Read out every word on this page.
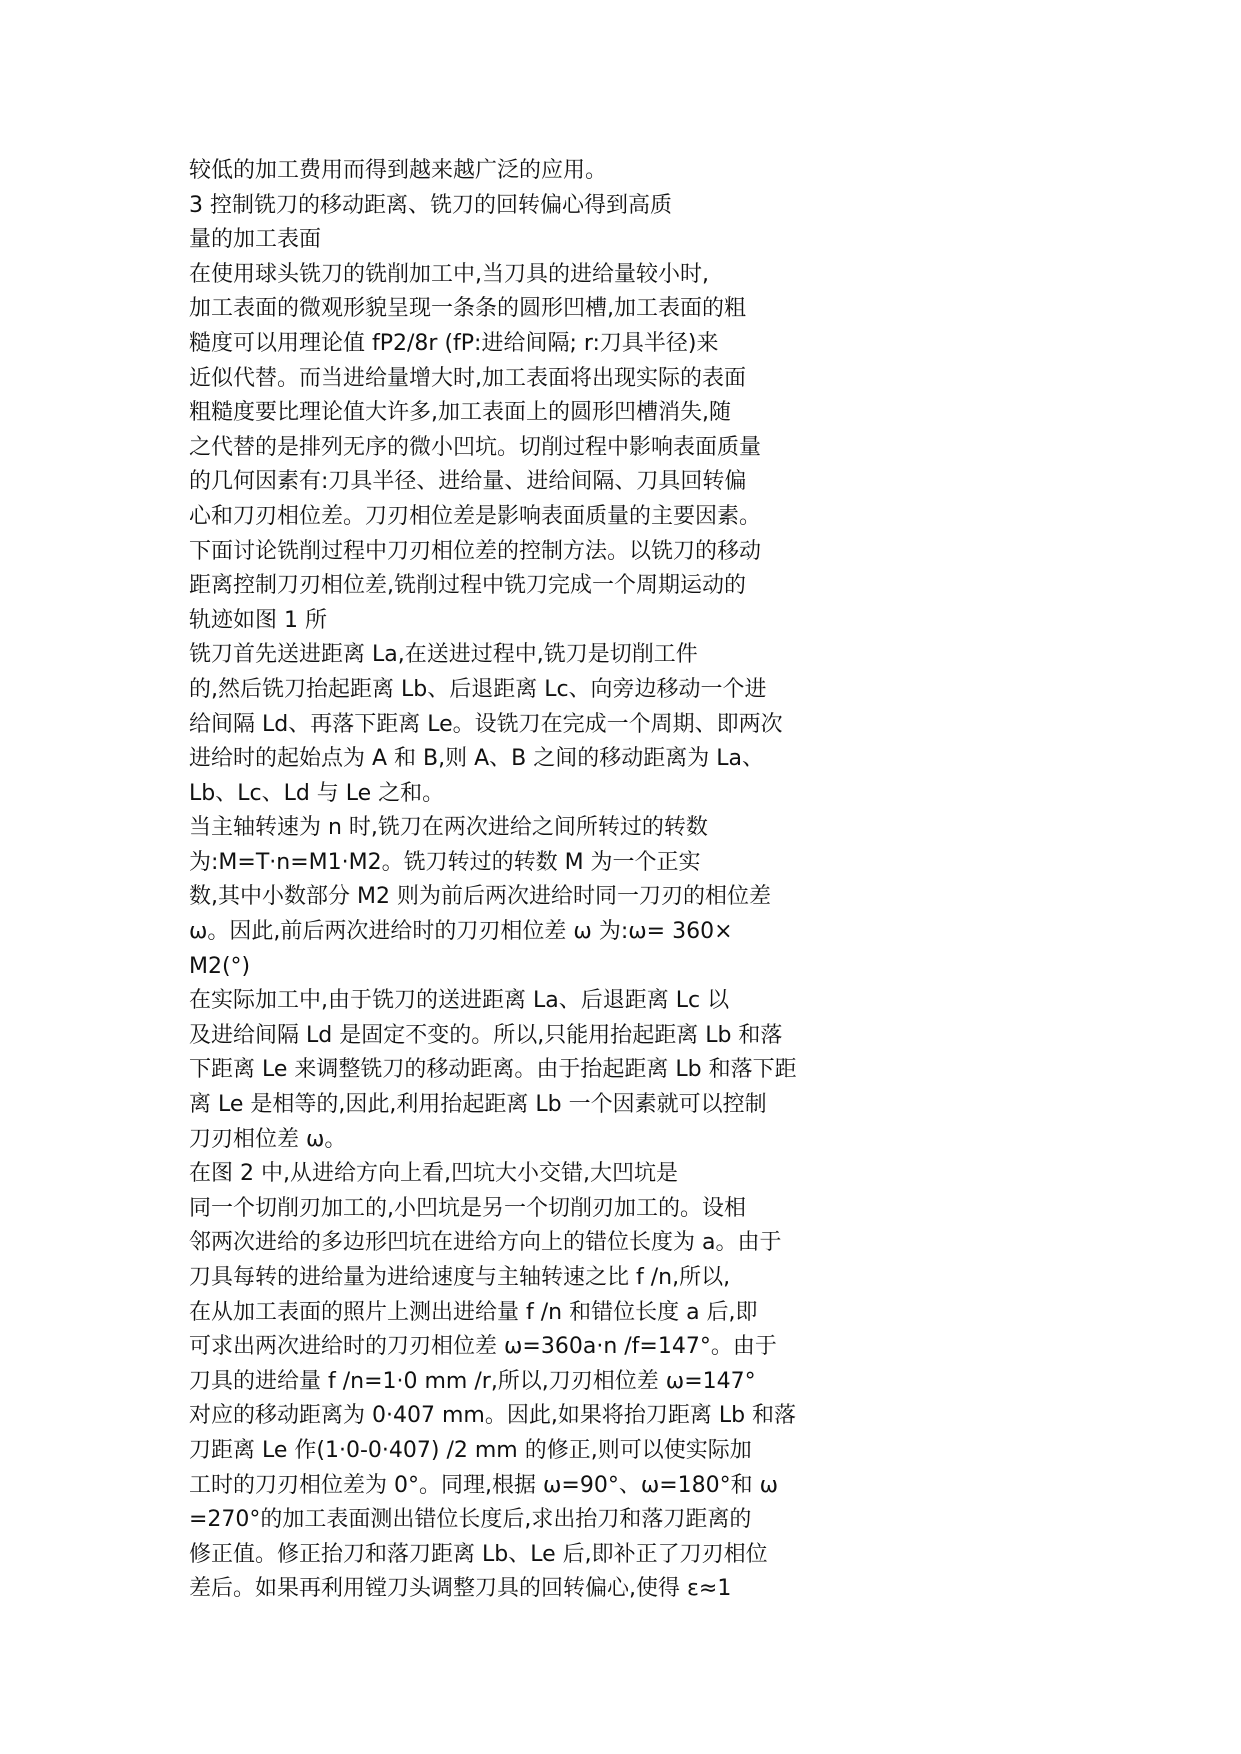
较低的加工费用而得到越来越广泛的应用。
3 控制铣刀的移动距离、铣刀的回转偏心得到高质
量的加工表面
在使用球头铣刀的铣削加工中,当刀具的进给量较小时,
加工表面的微观形貌呈现一条条的圆形凹槽,加工表面的粗
糙度可以用理论值 fP2/8r (fP:进给间隔; r:刀具半径)来
近似代替。而当进给量增大时,加工表面将出现实际的表面
粗糙度要比理论值大许多,加工表面上的圆形凹槽消失,随
之代替的是排列无序的微小凹坑。切削过程中影响表面质量
的几何因素有:刀具半径、进给量、进给间隔、刀具回转偏
心和刀刃相位差。刀刃相位差是影响表面质量的主要因素。
下面讨论铣削过程中刀刃相位差的控制方法。以铣刀的移动
距离控制刀刃相位差,铣削过程中铣刀完成一个周期运动的
轨迹如图 1 所
铣刀首先送进距离 La,在送进过程中,铣刀是切削工件
的,然后铣刀抬起距离 Lb、后退距离 Lc、向旁边移动一个进
给间隔 Ld、再落下距离 Le。设铣刀在完成一个周期、即两次
进给时的起始点为 A 和 B,则 A、B 之间的移动距离为 La、
Lb、Lc、Ld 与 Le 之和。
当主轴转速为 n 时,铣刀在两次进给之间所转过的转数
为:M=T·n=M1·M2。铣刀转过的转数 M 为一个正实
数,其中小数部分 M2 则为前后两次进给时同一刀刃的相位差
ω。因此,前后两次进给时的刀刃相位差 ω 为:ω= 360×
M2(°)
在实际加工中,由于铣刀的送进距离 La、后退距离 Lc 以
及进给间隔 Ld 是固定不变的。所以,只能用抬起距离 Lb 和落
下距离 Le 来调整铣刀的移动距离。由于抬起距离 Lb 和落下距
离 Le 是相等的,因此,利用抬起距离 Lb 一个因素就可以控制
刀刃相位差 ω。
在图 2 中,从进给方向上看,凹坑大小交错,大凹坑是
同一个切削刃加工的,小凹坑是另一个切削刃加工的。设相
邻两次进给的多边形凹坑在进给方向上的错位长度为 a。由于
刀具每转的进给量为进给速度与主轴转速之比 f /n,所以,
在从加工表面的照片上测出进给量 f /n 和错位长度 a 后,即
可求出两次进给时的刀刃相位差 ω=360a·n /f=147°。由于
刀具的进给量 f /n=1·0 mm /r,所以,刀刃相位差 ω=147°
对应的移动距离为 0·407 mm。因此,如果将抬刀距离 Lb 和落
刀距离 Le 作(1·0-0·407) /2 mm 的修正,则可以使实际加
工时的刀刃相位差为 0°。同理,根据 ω=90°、ω=180°和 ω
=270°的加工表面测出错位长度后,求出抬刀和落刀距离的
修正值。修正抬刀和落刀距离 Lb、Le 后,即补正了刀刃相位
差后。如果再利用镗刀头调整刀具的回转偏心,使得 ε≈1
